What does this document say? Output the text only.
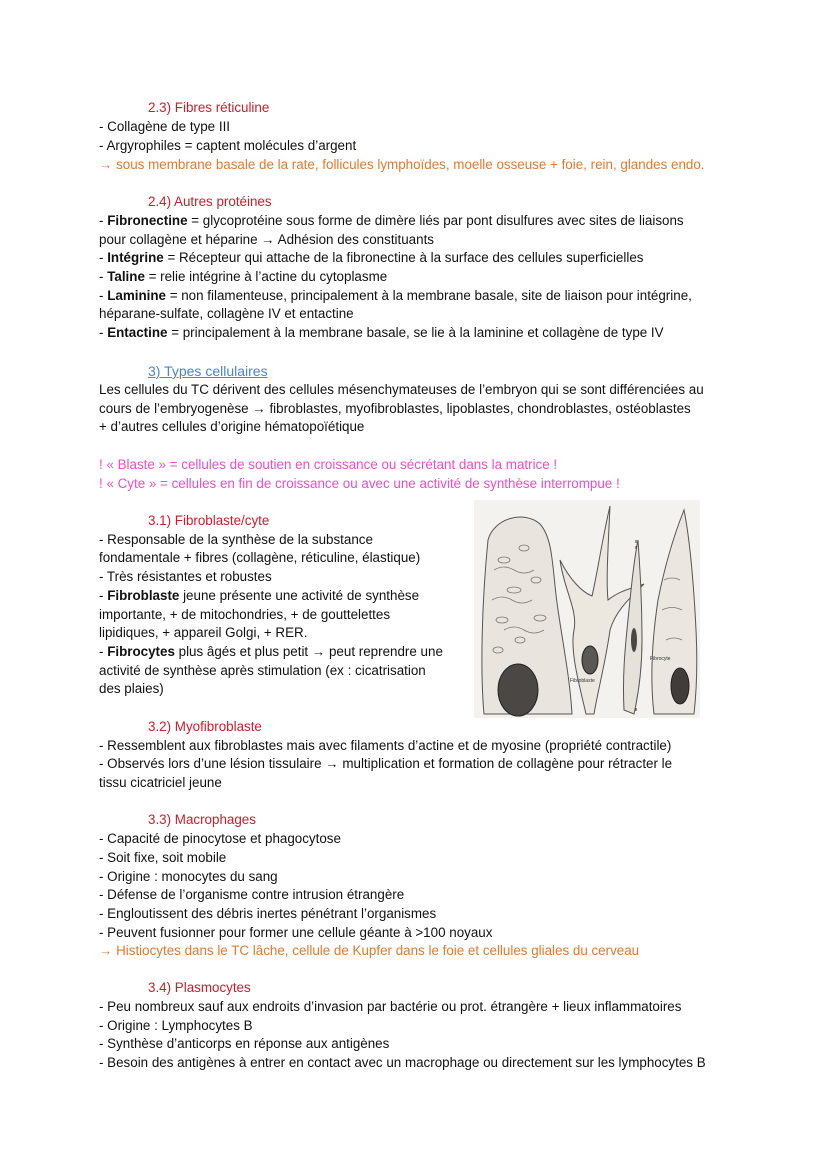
2.3) Fibres réticuline
- Collagène de type III
- Argyrophiles = captent molécules d’argent
→ sous membrane basale de la rate, follicules lymphoïdes, moelle osseuse + foie, rein, glandes endo.
2.4) Autres protéines
- Fibronectine = glycoprotéine sous forme de dimère liés par pont disulfures avec sites de liaisons
pour collagène et héparine → Adhésion des constituants
- Intégrine = Récepteur qui attache de la fibronectine à la surface des cellules superficielles
- Taline = relie intégrine à l’actine du cytoplasme
- Laminine = non filamenteuse, principalement à la membrane basale, site de liaison pour intégrine,
héparane-sulfate, collagène IV et entactine
- Entactine = principalement à la membrane basale, se lie à la laminine et collagène de type IV
3) Types cellulaires
Les cellules du TC dérivent des cellules mésenchymateuses de l’embryon qui se sont différenciées au
cours de l’embryogenèse → fibroblastes, myofibroblastes, lipoblastes, chondroblastes, ostéoblastes
+ d’autres cellules d’origine hématopoïétique
! « Blaste » = cellules de soutien en croissance ou sécrétant dans la matrice !
! « Cyte » = cellules en fin de croissance ou avec une activité de synthèse interrompue !
3.1) Fibroblaste/cyte
- Responsable de la synthèse de la substance
fondamentale + fibres (collagène, réticuline, élastique)
- Très résistantes et robustes
- Fibroblaste jeune présente une activité de synthèse
importante, + de mitochondries, + de gouttelettes
lipidiques, + appareil Golgi, + RER.
- Fibrocytes plus âgés et plus petit → peut reprendre une
activité de synthèse après stimulation (ex : cicatrisation
des plaies)	Fibroblaste
Fibrocyte
3.2) Myofibroblaste
- Ressemblent aux fibroblastes mais avec filaments d’actine et de myosine (propriété contractile)
- Observés lors d’une lésion tissulaire → multiplication et formation de collagène pour rétracter le
tissu cicatriciel jeune
3.3) Macrophages
- Capacité de pinocytose et phagocytose
- Soit fixe, soit mobile
- Origine : monocytes du sang
- Défense de l’organisme contre intrusion étrangère
- Engloutissent des débris inertes pénétrant l’organismes
- Peuvent fusionner pour former une cellule géante à >100 noyaux
→ Histiocytes dans le TC lâche, cellule de Kupfer dans le foie et cellules gliales du cerveau
3.4) Plasmocytes
- Peu nombreux sauf aux endroits d’invasion par bactérie ou prot. étrangère + lieux inflammatoires
- Origine : Lymphocytes B
- Synthèse d’anticorps en réponse aux antigènes
- Besoin des antigènes à entrer en contact avec un macrophage ou directement sur les lymphocytes B
